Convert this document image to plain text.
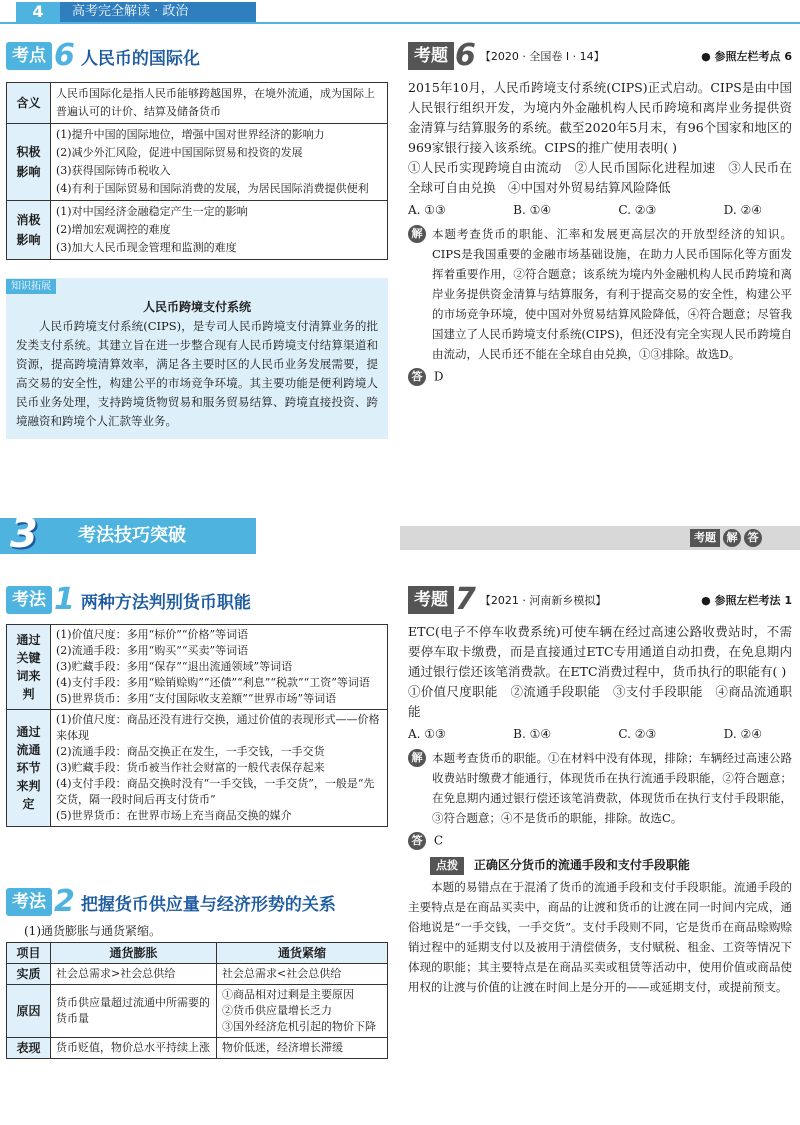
4	高考完全解读 · 政治
考点 6 人民币的国际化
含义	人民币国际化是指人民币能够跨越国界，在境外流通，成为国际上普遍认可的计价、结算及储备货币

积极影响	(1)提升中国的国际地位，增强中国对世界经济的影响力
(2)减少外汇风险，促进中国国际贸易和投资的发展
(3)获得国际铸币税收入
(4)有利于国际贸易和国际消费的发展，为居民国际消费提供便利

消极影响	(1)对中国经济金融稳定产生一定的影响
(2)增加宏观调控的难度
(3)加大人民币现金管理和监测的难度
知识拓展
人民币跨境支付系统
人民币跨境支付系统(CIPS)，是专司人民币跨境支付清算业务的批发类支付系统。其建立旨在进一步整合现有人民币跨境支付结算渠道和资源，提高跨境清算效率，满足各主要时区的人民币业务发展需要，提高交易的安全性，构建公平的市场竞争环境。其主要功能是便利跨境人民币业务处理，支持跨境货物贸易和服务贸易结算、跨境直接投资、跨境融资和跨境个人汇款等业务。
考题 6 【2020 · 全国卷 Ⅰ · 14】	● 参照左栏考点 6
2015年10月，人民币跨境支付系统(CIPS)正式启动。CIPS是由中国人民银行组织开发，为境内外金融机构人民币跨境和离岸业务提供资金清算与结算服务的系统。截至2020年5月末，有96个国家和地区的969家银行接入该系统。CIPS的推广使用表明( )
①人民币实现跨境自由流动　②人民币国际化进程加速　③人民币在全球可自由兑换　④中国对外贸易结算风险降低
A. ①③	B. ①④	C. ②③	D. ②④
解 本题考查货币的职能、汇率和发展更高层次的开放型经济的知识。CIPS是我国重要的金融市场基础设施，在助力人民币国际化等方面发挥着重要作用，②符合题意；该系统为境内外金融机构人民币跨境和离岸业务提供资金清算与结算服务，有利于提高交易的安全性，构建公平的市场竞争环境，使中国对外贸易结算风险降低，④符合题意；尽管我国建立了人民币跨境支付系统(CIPS)，但还没有完全实现人民币跨境自由流动，人民币还不能在全球自由兑换，①③排除。故选D。
答 D
3 考法技巧突破	考题 解 答
考法 1 两种方法判别货币职能
通过关键词来判	(1)价值尺度：多用“标价”“价格”等词语
(2)流通手段：多用“购买”“买卖”等词语
(3)贮藏手段：多用“保存”“退出流通领域”等词语
(4)支付手段：多用“赊销赊购”“还债”“利息”“税款”“工资”等词语
(5)世界货币：多用“支付国际收支差额”“世界市场”等词语

通过流通环节来判定	(1)价值尺度：商品还没有进行交换，通过价值的表现形式——价格来体现
(2)流通手段：商品交换正在发生，一手交钱，一手交货
(3)贮藏手段：货币被当作社会财富的一般代表保存起来
(4)支付手段：商品交换时没有“一手交钱，一手交货”，一般是“先交货，隔一段时间后再支付货币”
(5)世界货币：在世界市场上充当商品交换的媒介
考法 2 把握货币供应量与经济形势的关系
(1)通货膨胀与通货紧缩。
项目	通货膨胀	通货紧缩
实质	社会总需求>社会总供给	社会总需求<社会总供给

原因	货币供应量超过流通中所需要的货币量	①商品相对过剩是主要原因
②货币供应量增长乏力
③国外经济危机引起的物价下降

表现	货币贬值，物价总水平持续上涨	物价低迷，经济增长滞缓
考题 7 【2021 · 河南新乡模拟】	● 参照左栏考法 1
ETC(电子不停车收费系统)可使车辆在经过高速公路收费站时，不需要停车取卡缴费，而是直接通过ETC专用通道自动扣费，在免息期内通过银行偿还该笔消费款。在ETC消费过程中，货币执行的职能有( )
①价值尺度职能　②流通手段职能　③支付手段职能　④商品流通职能
A. ①③	B. ①④	C. ②③	D. ②④
解 本题考查货币的职能。①在材料中没有体现，排除；车辆经过高速公路收费站时缴费才能通行，体现货币在执行流通手段职能，②符合题意；在免息期内通过银行偿还该笔消费款，体现货币在执行支付手段职能，③符合题意；④不是货币的职能，排除。故选C。
答 C
点拨 正确区分货币的流通手段和支付手段职能
本题的易错点在于混淆了货币的流通手段和支付手段职能。流通手段的主要特点是在商品买卖中，商品的让渡和货币的让渡在同一时间内完成，通俗地说是“一手交钱，一手交货”。支付手段则不同，它是货币在商品赊购赊销过程中的延期支付以及被用于清偿债务，支付赋税、租金、工资等情况下体现的职能；其主要特点是在商品买卖或租赁等活动中，使用价值或商品使用权的让渡与价值的让渡在时间上是分开的——或延期支付，或提前预支。
